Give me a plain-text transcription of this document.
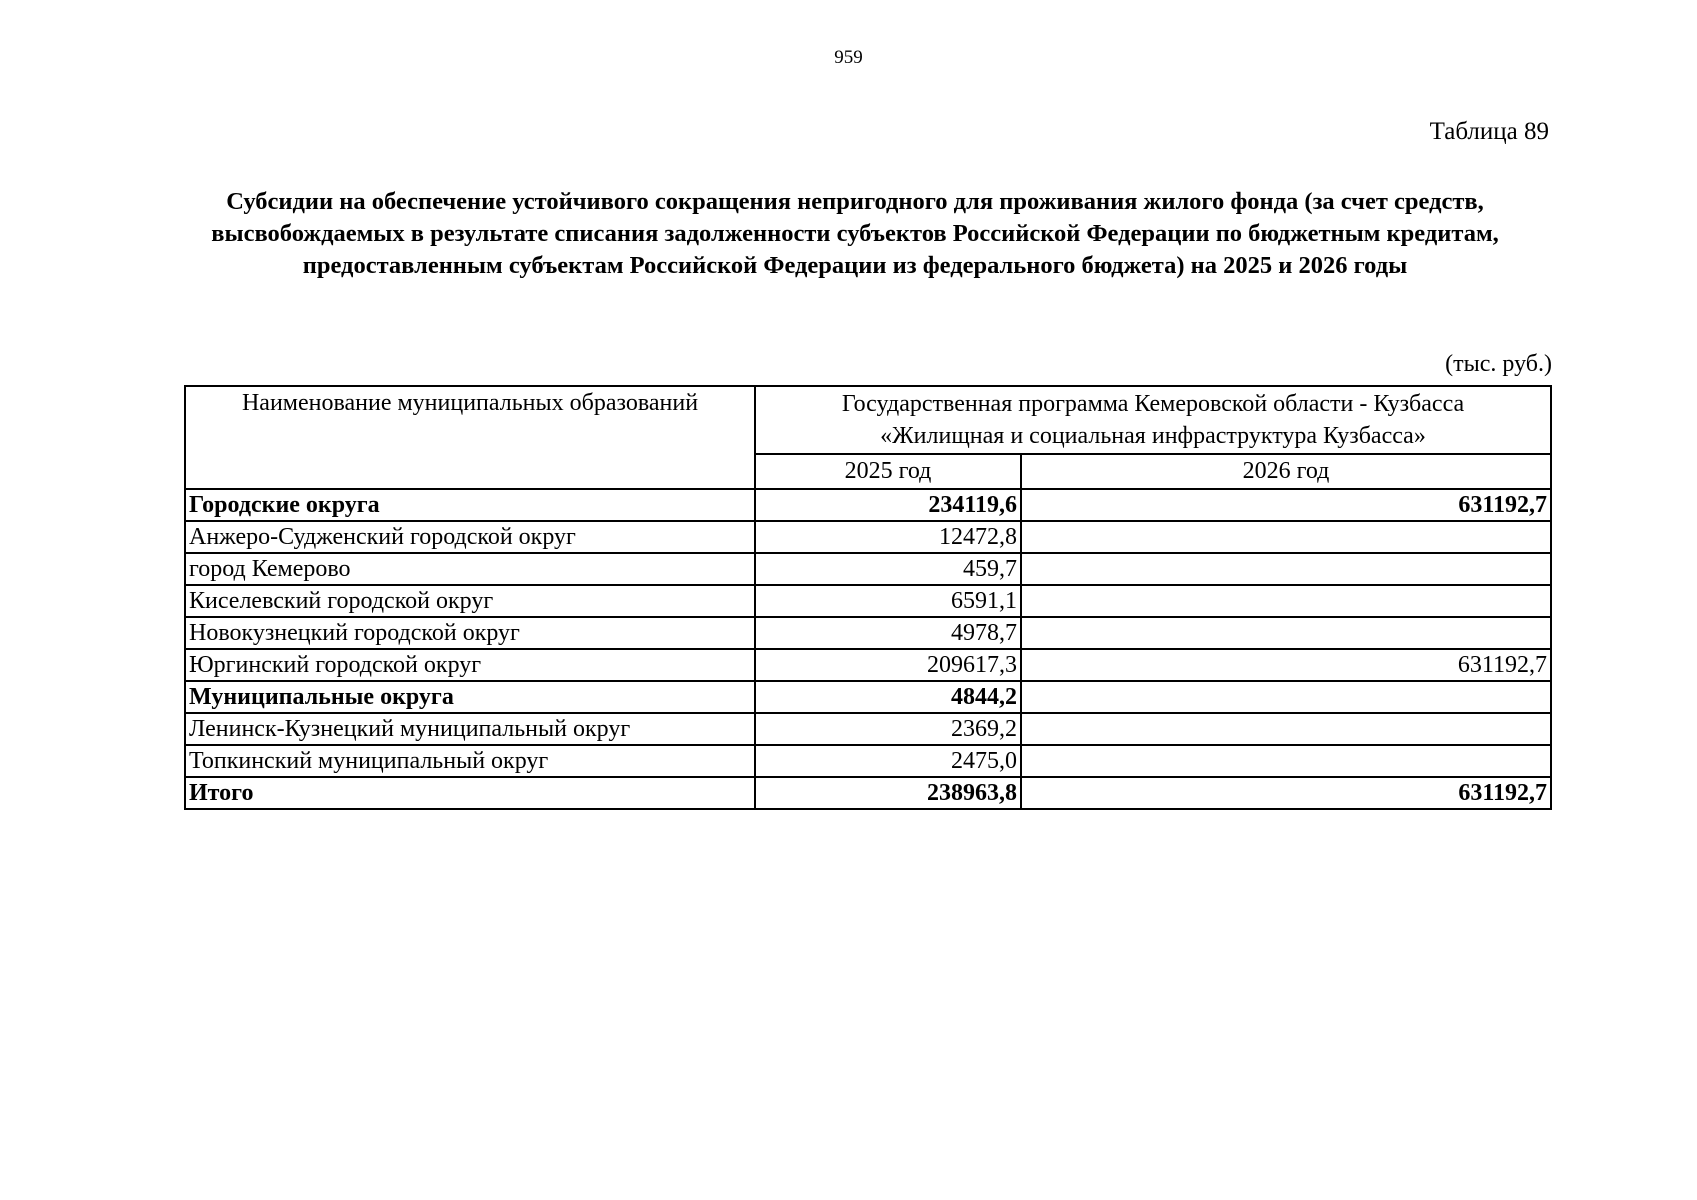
959
Таблица 89
Субсидии на обеспечение устойчивого сокращения непригодного для проживания жилого фонда (за счет средств,
высвобождаемых в результате списания задолженности субъектов Российской Федерации по бюджетным кредитам,
предоставленным субъектам Российской Федерации из федерального бюджета) на 2025 и 2026 годы
(тыс. руб.)
Наименование муниципальных образований	Государственная программа Кемеровской области - Кузбасса
«Жилищная и социальная инфраструктура Кузбасса»	

	2025 год	2026 год
Городские округа	234119,6	631192,7
Анжеро-Судженский городской округ	12472,8	
город Кемерово	459,7	
Киселевский городской округ	6591,1	
Новокузнецкий городской округ	4978,7	
Юргинский городской округ	209617,3	631192,7
Муниципальные округа	4844,2	
Ленинск-Кузнецкий муниципальный округ	2369,2	
Топкинский муниципальный округ	2475,0	
Итого	238963,8	631192,7
